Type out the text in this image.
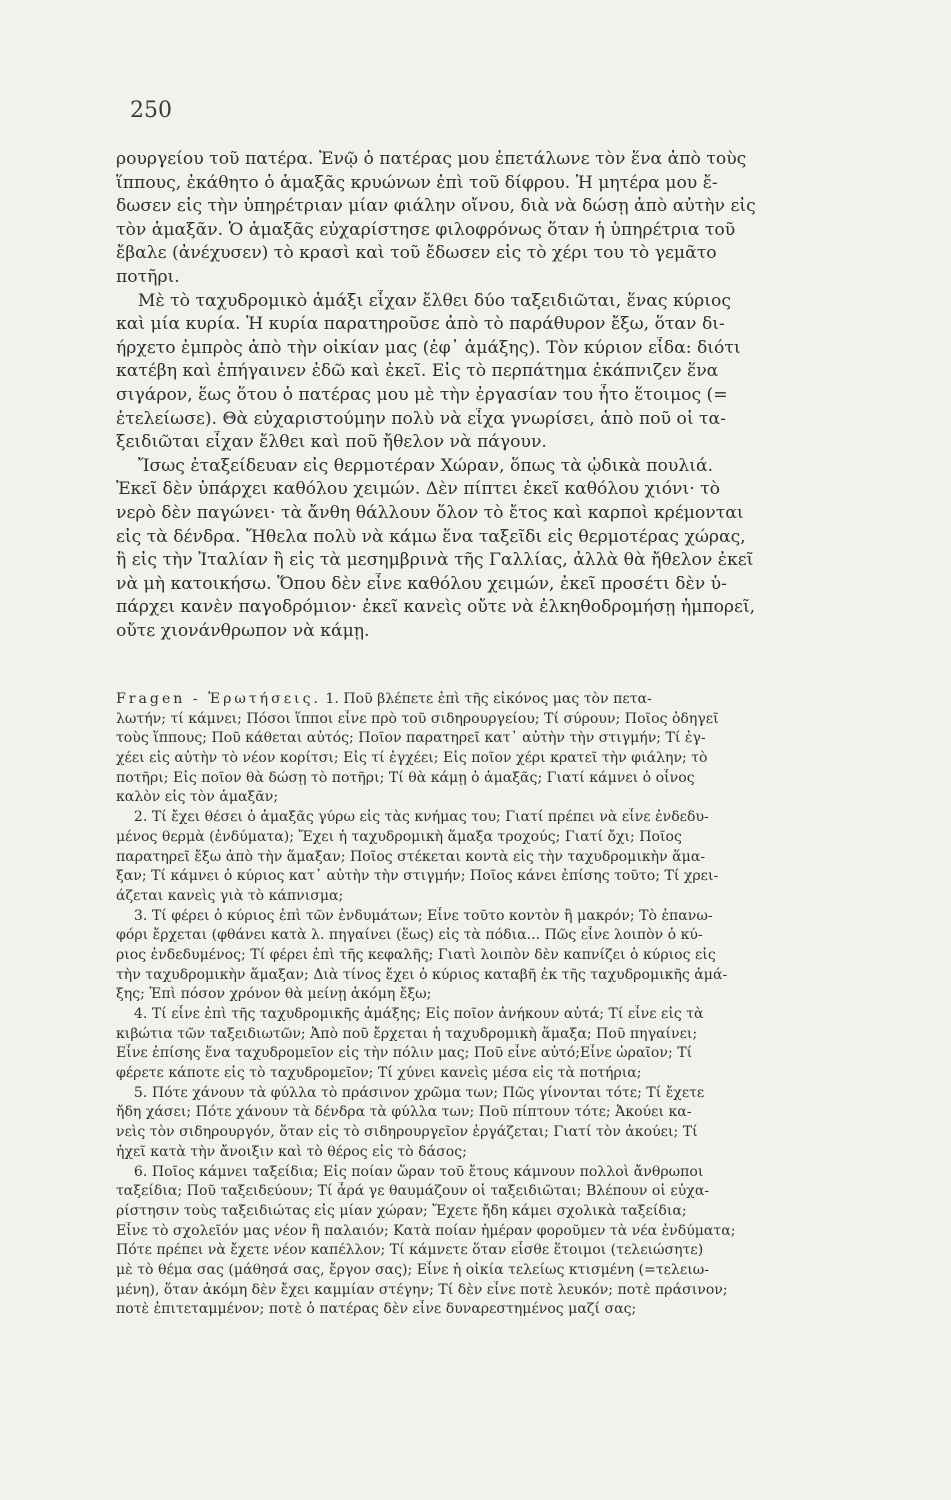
250
ρουργείου τοῦ πατέρα. Ἐνῷ ὁ πατέρας μου ἐπετάλωνε τὸν ἕνα ἀπὸ τοὺς
ἵππους, ἐκάθητο ὁ ἁμαξᾶς κρυώνων ἐπὶ τοῦ δίφρου. Ἡ μητέρα μου ἔ-
δωσεν εἰς τὴν ὑπηρέτριαν μίαν φιάλην οἴνου, διὰ νὰ δώσῃ ἀπὸ αὐτὴν εἰς
τὸν ἁμαξᾶν. Ὁ ἁμαξᾶς εὐχαρίστησε φιλοφρόνως ὅταν ἡ ὑπηρέτρια τοῦ
ἔβαλε (ἀνέχυσεν) τὸ κρασὶ καὶ τοῦ ἔδωσεν εἰς τὸ χέρι του τὸ γεμᾶτο
ποτῆρι.
Μὲ τὸ ταχυδρομικὸ ἁμάξι εἶχαν ἔλθει δύο ταξειδιῶται, ἕνας κύριος
καὶ μία κυρία. Ἡ κυρία παρατηροῦσε ἀπὸ τὸ παράθυρον ἔξω, ὅταν δι-
ήρχετο ἐμπρὸς ἀπὸ τὴν οἰκίαν μας (ἐφ᾿ ἁμάξης). Τὸν κύριον εἶδα: διότι
κατέβη καὶ ἐπήγαινεν ἐδῶ καὶ ἐκεῖ. Εἰς τὸ περπάτημα ἐκάπνιζεν ἕνα
σιγάρον, ἕως ὅτου ὁ πατέρας μου μὲ τὴν ἐργασίαν του ἦτο ἕτοιμος (=
ἐτελείωσε). Θὰ εὐχαριστούμην πολὺ νὰ εἶχα γνωρίσει, ἀπὸ ποῦ οἱ τα-
ξειδιῶται εἶχαν ἔλθει καὶ ποῦ ἤθελον νὰ πάγουν.
Ἴσως ἐταξείδευαν εἰς θερμοτέραν Χώραν, ὅπως τὰ ᾠδικὰ πουλιά.
Ἐκεῖ δὲν ὑπάρχει καθόλου χειμών. Δὲν πίπτει ἐκεῖ καθόλου χιόνι· τὸ
νερὸ δὲν παγώνει· τὰ ἄνθη θάλλουν ὅλον τὸ ἔτος καὶ καρποὶ κρέμονται
εἰς τὰ δένδρα. Ἤθελα πολὺ νὰ κάμω ἕνα ταξεῖδι εἰς θερμοτέρας χώρας,
ἢ εἰς τὴν Ἰταλίαν ἢ εἰς τὰ μεσημβρινὰ τῆς Γαλλίας, ἀλλὰ θὰ ἤθελον ἐκεῖ
νὰ μὴ κατοικήσω. Ὅπου δὲν εἶνε καθόλου χειμών, ἐκεῖ προσέτι δὲν ὑ-
πάρχει κανὲν παγοδρόμιον· ἐκεῖ κανεὶς οὔτε νὰ ἐλκηθοδρομήσῃ ἠμπορεῖ,
οὔτε χιονάνθρωπον νὰ κάμῃ.
Fragen - Ἐρωτήσεις. 1. Ποῦ βλέπετε ἐπὶ τῆς εἰκόνος μας τὸν πετα-
λωτήν; τί κάμνει; Πόσοι ἵπποι εἶνε πρὸ τοῦ σιδηρουργείου; Τί σύρουν; Ποῖος ὁδηγεῖ
τοὺς ἵππους; Ποῦ κάθεται αὐτός; Ποῖον παρατηρεῖ κατ᾿ αὐτὴν τὴν στιγμήν; Τί ἐγ-
χέει εἰς αὐτὴν τὸ νέον κορίτσι; Εἰς τί ἐγχέει; Εἰς ποῖον χέρι κρατεῖ τὴν φιάλην; τὸ
ποτῆρι; Εἰς ποῖον θὰ δώσῃ τὸ ποτῆρι; Τί θὰ κάμῃ ὁ ἁμαξᾶς; Γιατί κάμνει ὁ οἶνος
καλὸν εἰς τὸν ἁμαξᾶν;
2. Τί ἔχει θέσει ὁ ἁμαξᾶς γύρω εἰς τὰς κνήμας του; Γιατί πρέπει νὰ εἶνε ἐνδεδυ-
μένος θερμὰ (ἐνδύματα); Ἔχει ἡ ταχυδρομικὴ ἅμαξα τροχούς; Γιατί ὄχι; Ποῖος
παρατηρεῖ ἔξω ἀπὸ τὴν ἅμαξαν; Ποῖος στέκεται κοντὰ εἰς τὴν ταχυδρομικὴν ἅμα-
ξαν; Τί κάμνει ὁ κύριος κατ᾿ αὐτὴν τὴν στιγμήν; Ποῖος κάνει ἐπίσης τοῦτο; Τί χρει-
άζεται κανεὶς γιὰ τὸ κάπνισμα;
3. Τί φέρει ὁ κύριος ἐπὶ τῶν ἐνδυμάτων; Εἶνε τοῦτο κοντὸν ἢ μακρόν; Τὸ ἐπανω-
φόρι ἔρχεται (φθάνει κατὰ λ. πηγαίνει (ἕως) εἰς τὰ πόδια... Πῶς εἶνε λοιπὸν ὁ κύ-
ριος ἐνδεδυμένος; Τί φέρει ἐπὶ τῆς κεφαλῆς; Γιατὶ λοιπὸν δὲν καπνίζει ὁ κύριος εἰς
τὴν ταχυδρομικὴν ἅμαξαν; Διὰ τίνος ἔχει ὁ κύριος καταβῆ ἐκ τῆς ταχυδρομικῆς ἁμά-
ξης; Ἐπὶ πόσον χρόνον θὰ μείνῃ ἀκόμη ἔξω;
4. Τί εἶνε ἐπὶ τῆς ταχυδρομικῆς ἁμάξης; Εἰς ποῖον ἀνήκουν αὐτά; Τί εἶνε εἰς τὰ
κιβώτια τῶν ταξειδιωτῶν; Ἀπὸ ποῦ ἔρχεται ἡ ταχυδρομικὴ ἅμαξα; Ποῦ πηγαίνει;
Εἶνε ἐπίσης ἕνα ταχυδρομεῖον εἰς τὴν πόλιν μας; Ποῦ εἶνε αὐτό;Εἶνε ὡραῖον; Τί
φέρετε κάποτε εἰς τὸ ταχυδρομεῖον; Τί χύνει κανεὶς μέσα εἰς τὰ ποτήρια;
5. Πότε χάνουν τὰ φύλλα τὸ πράσινον χρῶμα των; Πῶς γίνονται τότε; Τί ἔχετε
ἤδη χάσει; Πότε χάνουν τὰ δένδρα τὰ φύλλα των; Ποῦ πίπτουν τότε; Ἀκούει κα-
νεὶς τὸν σιδηρουργόν, ὅταν εἰς τὸ σιδηρουργεῖον ἐργάζεται; Γιατί τὸν ἀκούει; Τί
ἠχεῖ κατὰ τὴν ἄνοιξιν καὶ τὸ θέρος εἰς τὸ δάσος;
6. Ποῖος κάμνει ταξείδια; Εἰς ποίαν ὥραν τοῦ ἔτους κάμνουν πολλοὶ ἄνθρωποι
ταξείδια; Ποῦ ταξειδεύουν; Τί ἆρά γε θαυμάζουν οἱ ταξειδιῶται; Βλέπουν οἱ εὐχα-
ρίστησιν τοὺς ταξειδιώτας εἰς μίαν χώραν; Ἔχετε ἤδη κάμει σχολικὰ ταξείδια;
Εἶνε τὸ σχολεῖόν μας νέον ἢ παλαιόν; Κατὰ ποίαν ἡμέραν φοροῦμεν τὰ νέα ἐνδύματα;
Πότε πρέπει νὰ ἔχετε νέον καπέλλον; Τί κάμνετε ὅταν εἶσθε ἕτοιμοι (τελειώσητε)
μὲ τὸ θέμα σας (μάθησά σας, ἔργον σας); Εἶνε ἡ οἰκία τελείως κτισμένη (=τελειω-
μένη), ὅταν ἀκόμη δὲν ἔχει καμμίαν στέγην; Τί δὲν εἶνε ποτὲ λευκόν; ποτὲ πράσινον;
ποτὲ ἐπιτεταμμένον; ποτὲ ὁ πατέρας δὲν εἶνε δυναρεστημένος μαζί σας;
